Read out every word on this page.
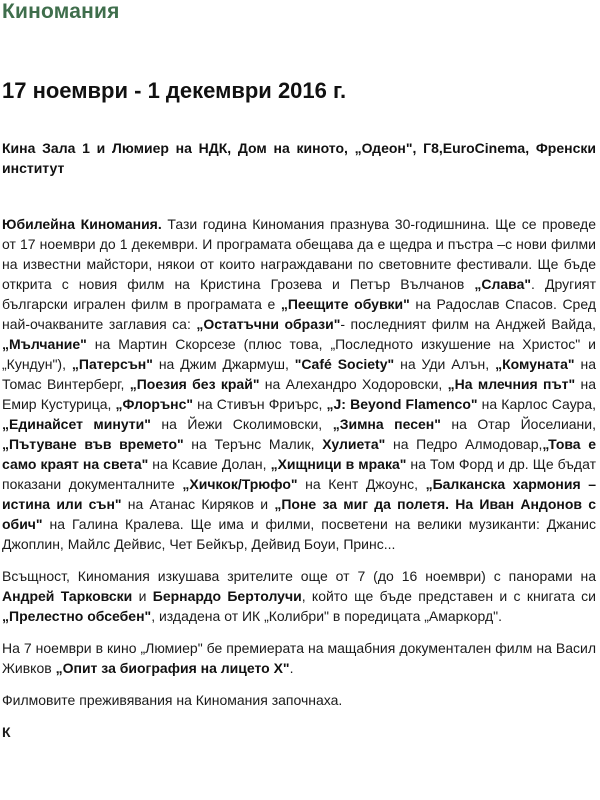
Киномания
17 ноември - 1 декември 2016 г.

Кина Зала 1 и Люмиер на НДК, Дом на киното, „Одеон", Г8,EuroCinema, Френски институт

Юбилейна Киномания. Тази година Киномания празнува 30-годишнина. Ще се проведе от 17 ноември до 1 декември. И програмата обещава да е щедра и пъстра –с нови филми на известни майстори, някои от които награждавани по световните фестивали. Ще бъде открита с новия филм на Кристина Грозева и Петър Вълчанов „Слава". Другият български игрален филм в програмата е „Пеещите обувки" на Радослав Спасов. Сред най-очакваните заглавия са: „Остатъчни образи"- последният филм на Анджей Вайда, „Мълчание" на Мартин Скорсезе (плюс това, „Последното изкушение на Христос" и „Кундун"), „Патерсън" на Джим Джармуш, "Café Society" на Уди Алън, „Комуната" на Томас Винтерберг, „Поезия без край" на Алехандро Ходоровски, „На млечния път" на Емир Кустурица, „Флорънс" на Стивън Фриърс, „J: Beyond Flamenco" на Карлос Саура, „Единайсет минути" на Йежи Сколимовски, „Зимна песен" на Отар Йоселиани, „Пътуване във времето" на Терънс Малик, Хулиета" на Педро Алмодовар,„Това е само краят на света" на Ксавие Долан, „Хищници в мрака" на Том Форд и др. Ще бъдат показани документалните „Хичкок/Трюфо" на Кент Джоунс, „Балканска хармония – истина или сън" на Атанас Киряков и „Поне за миг да полетя. На Иван Андонов с обич" на Галина Кралева. Ще има и филми, посветени на велики музиканти: Джанис Джоплин, Майлс Дейвис, Чет Бейкър, Дейвид Боуи, Принс...

Всъщност, Киномания изкушава зрителите още от 7 (до 16 ноември) с панорами на Андрей Тарковски и Бернардо Бертолучи, който ще бъде представен и с книгата си „Прелестно обсебен", издадена от ИК „Колибри" в поредицата „Амаркорд".

На 7 ноември в кино „Люмиер" бе премиерата на мащабния документален филм на Васил Живков „Опит за биография на лицето Х".

Филмовите преживявания на Киномания започнаха.

К
